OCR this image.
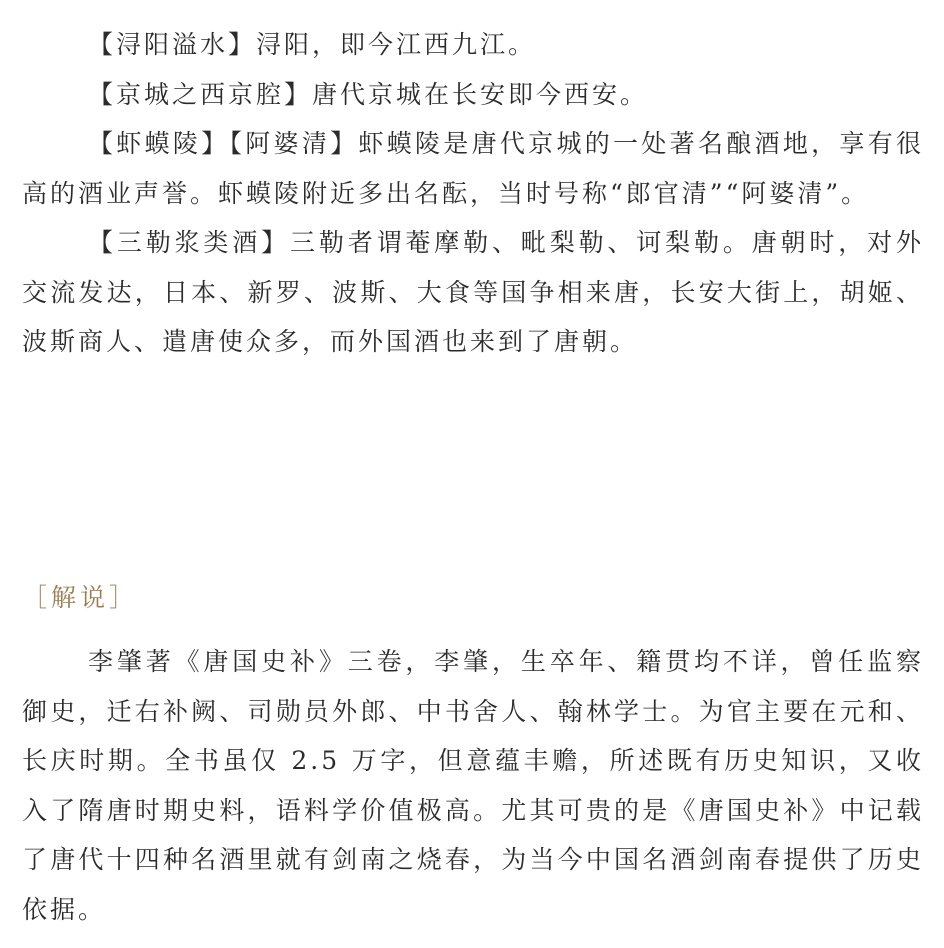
【浔阳溢水】浔阳，即今江西九江。

【京城之西京腔】唐代京城在长安即今西安。

【虾蟆陵】【阿婆清】虾蟆陵是唐代京城的一处著名酿酒地，享有很高的酒业声誉。虾蟆陵附近多出名酝，当时号称“郎官清”“阿婆清”。

【三勒浆类酒】三勒者谓菴摩勒、毗梨勒、诃梨勒。唐朝时，对外交流发达，日本、新罗、波斯、大食等国争相来唐，长安大街上，胡姬、波斯商人、遣唐使众多，而外国酒也来到了唐朝。

［解说］

李肇著《唐国史补》三卷，李肇，生卒年、籍贯均不详，曾任监察御史，迁右补阙、司勋员外郎、中书舍人、翰林学士。为官主要在元和、长庆时期。全书虽仅 2.5 万字，但意蕴丰赡，所述既有历史知识，又收入了隋唐时期史料，语料学价值极高。尤其可贵的是《唐国史补》中记载了唐代十四种名酒里就有剑南之烧春，为当今中国名酒剑南春提供了历史依据。
